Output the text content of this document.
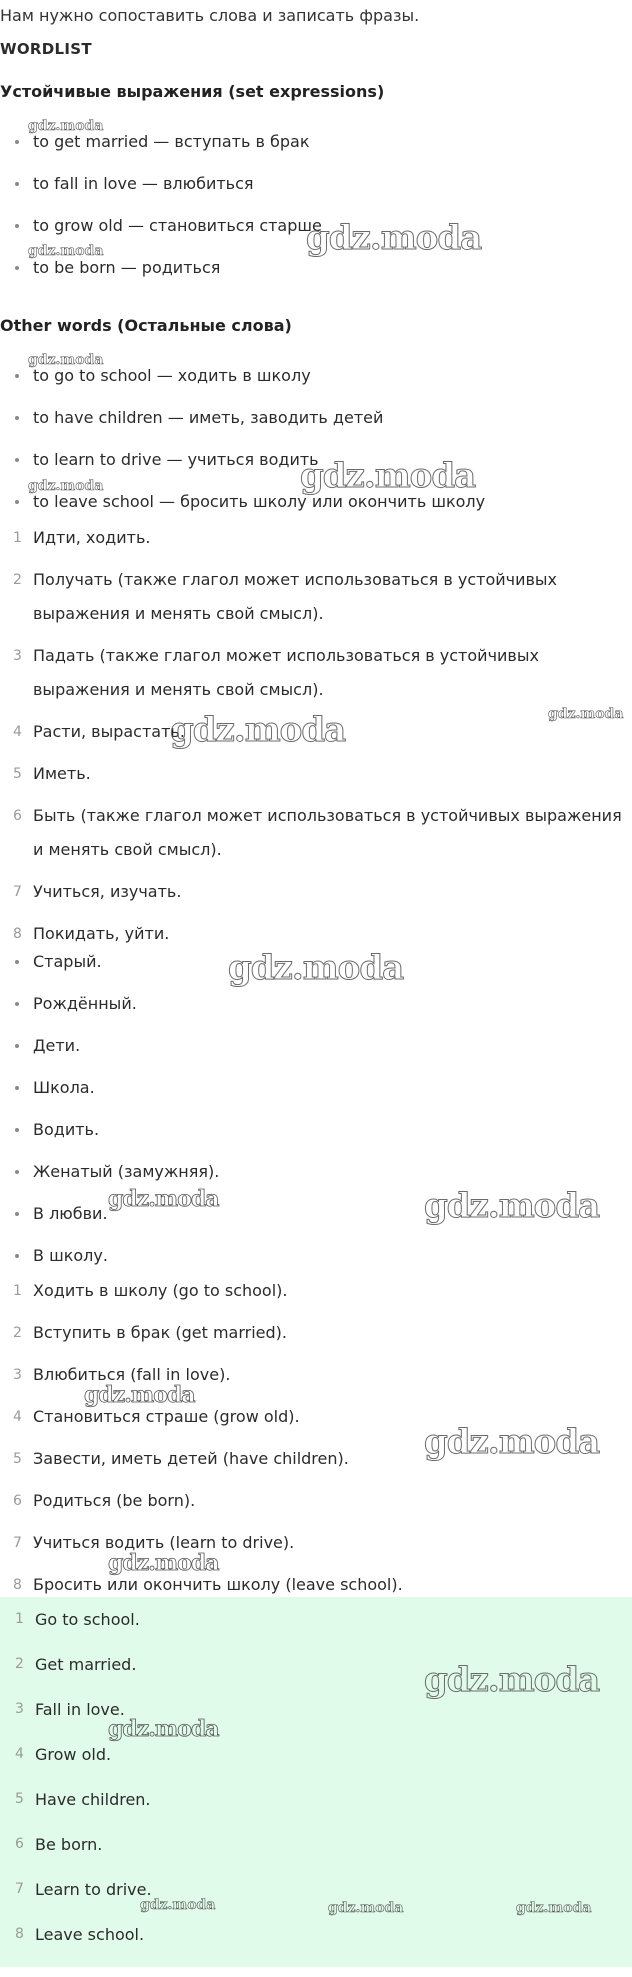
Нам нужно сопоставить слова и записать фразы.
WORDLIST
Устойчивые выражения (set expressions)
to get married — вступать в брак
to fall in love — влюбиться
to grow old — становиться старше
to be born — родиться
Other words (Остальные слова)
to go to school — ходить в школу
to have children — иметь, заводить детей
to learn to drive — учиться водить
to leave school — бросить школу или окончить школу
1 Идти, ходить.
2 Получать (также глагол может использоваться в устойчивых выражения и менять свой смысл).
3 Падать (также глагол может использоваться в устойчивых выражения и менять свой смысл).
4 Расти, вырастать.
5 Иметь.
6 Быть (также глагол может использоваться в устойчивых выражения и менять свой смысл).
7 Учиться, изучать.
8 Покидать, уйти.
Старый.
Рождённый.
Дети.
Школа.
Водить.
Женатый (замужняя).
В любви.
В школу.
1 Ходить в школу (go to school).
2 Вступить в брак (get married).
3 Влюбиться (fall in love).
4 Становиться страше (grow old).
5 Завести, иметь детей (have children).
6 Родиться (be born).
7 Учиться водить (learn to drive).
8 Бросить или окончить школу (leave school).
1 Go to school.
2 Get married.
3 Fall in love.
4 Grow old.
5 Have children.
6 Be born.
7 Learn to drive.
8 Leave school.
gdz.moda
gdz.moda
gdz.moda
gdz.moda
gdz.moda
gdz.moda
gdz.moda
gdz.moda
gdz.moda
gdz.moda	gdz.moda
gdz.moda
gdz.moda
gdz.moda
gdz.moda
gdz.moda
gdz.moda	gdz.moda	gdz.moda
